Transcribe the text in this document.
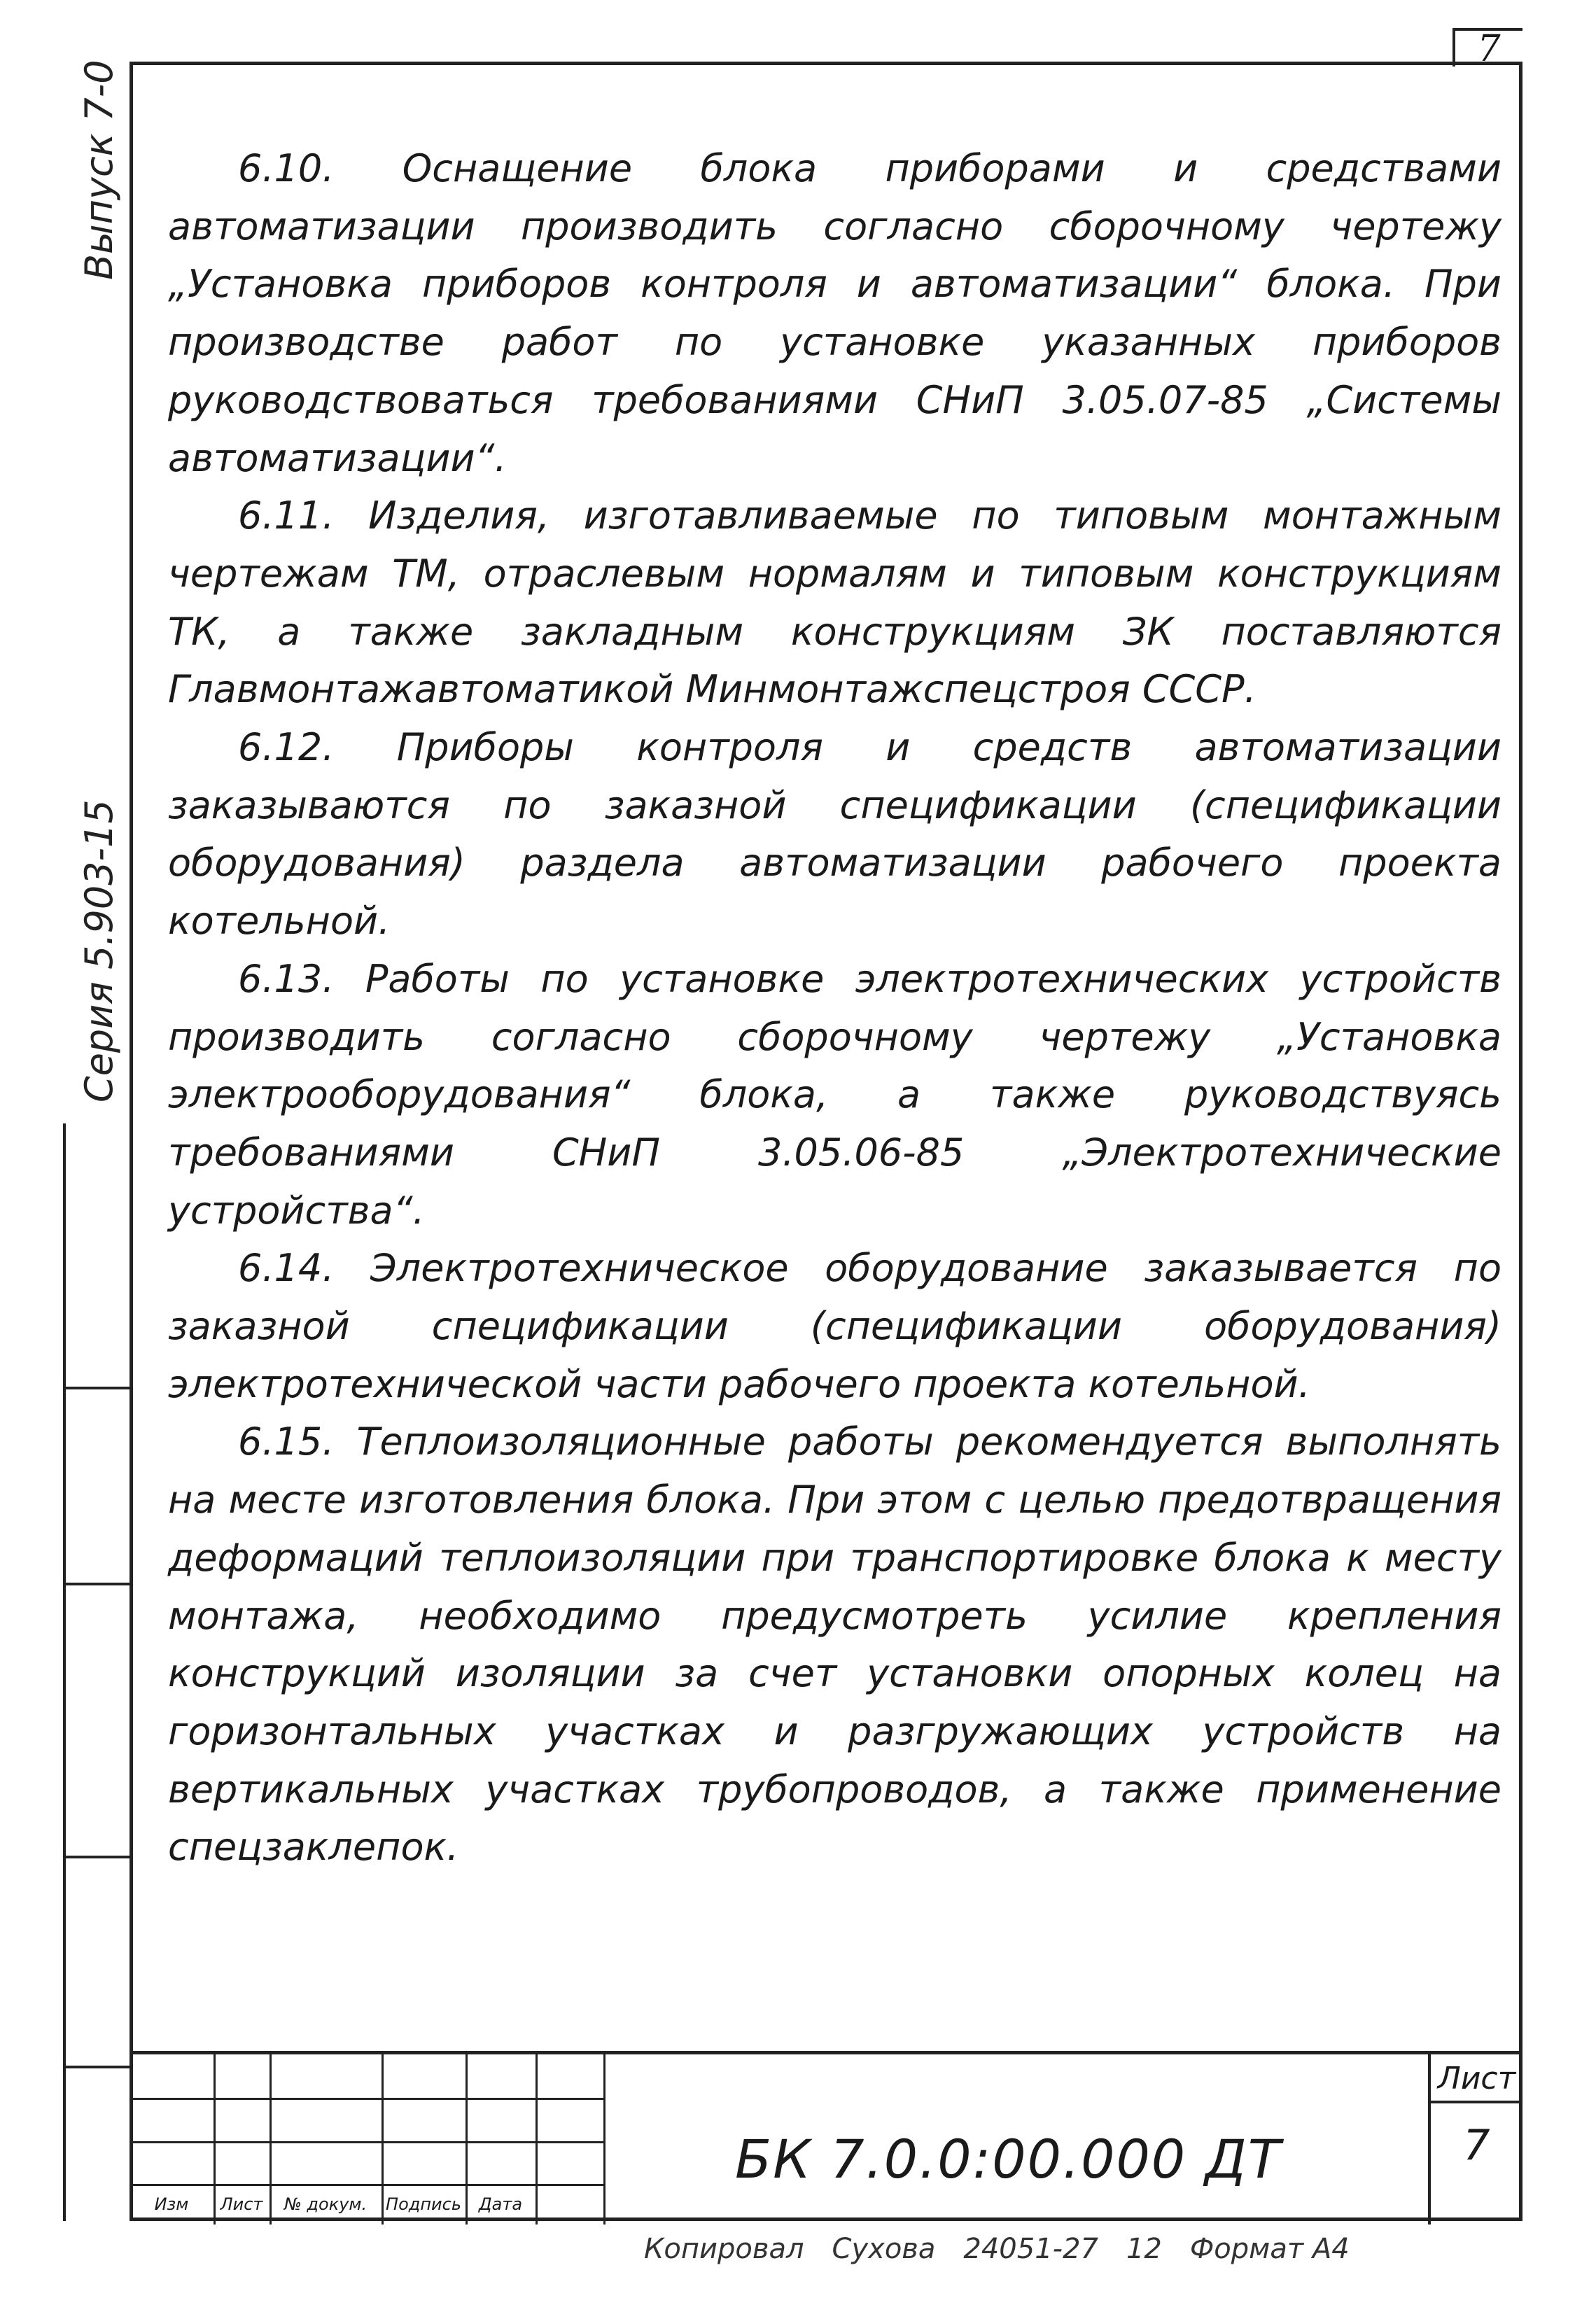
7
Выпуск 7-0
Серия 5.903-15

6.10. Оснащение блока приборами и средствами автоматизации производить согласно сборочному чертежу „Установка приборов контроля и автоматизации“ блока. При производстве работ по установке указанных приборов руководствоваться требованиями СНиП 3.05.07-85 „Системы автоматизации“.

6.11. Изделия, изготавливаемые по типовым монтажным чертежам ТМ, отраслевым нормалям и типовым конструкциям ТК, а также закладным конструкциям ЗК поставляются Главмонтажавтоматикой Минмонтажспецстроя СССР.

6.12. Приборы контроля и средств автоматизации заказываются по заказной спецификации (спецификации оборудования) раздела автоматизации рабочего проекта котельной.

6.13. Работы по установке электротехнических устройств производить согласно сборочному чертежу „Установка электрооборудования“ блока, а также руководствуясь требованиями СНиП 3.05.06-85 „Электротехнические устройства“.

6.14. Электротехническое оборудование заказывается по заказной спецификации (спецификации оборудования) электротехнической части рабочего проекта котельной.

6.15. Теплоизоляционные работы рекомендуется выполнять на месте изготовления блока. При этом с целью предотвращения деформаций теплоизоляции при транспортировке блока к месту монтажа, необходимо предусмотреть усилие крепления конструкций изоляции за счет установки опорных колец на горизонтальных участках и разгружающих устройств на вертикальных участках трубопроводов, а также применение спецзаклепок.

Изм	Лист	№ докум.	Подпись	Дата
БК 7.0.0:00.000 ДТ
Лист
7
Копировал Сухова 24051-27 12 Формат А4
